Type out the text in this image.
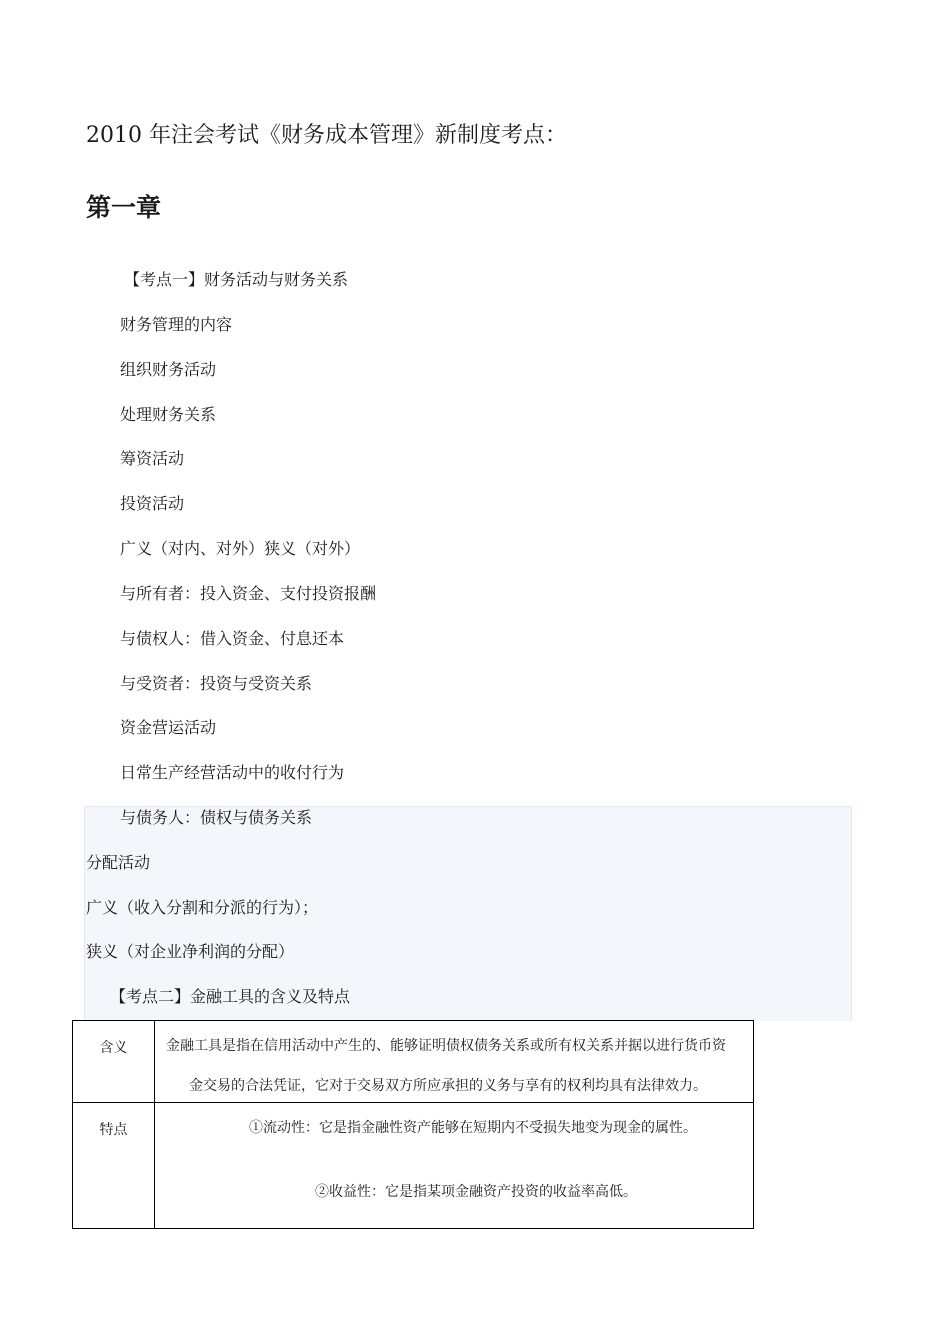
2010 年注会考试《财务成本管理》新制度考点：
第一章
【考点一】财务活动与财务关系
财务管理的内容
组织财务活动
处理财务关系
筹资活动
投资活动
广义（对内、对外）狭义（对外）
与所有者：投入资金、支付投资报酬
与债权人：借入资金、付息还本
与受资者：投资与受资关系
资金营运活动
日常生产经营活动中的收付行为
与债务人：债权与债务关系
分配活动
广义（收入分割和分派的行为）；
狭义（对企业净利润的分配）
【考点二】金融工具的含义及特点
含义	金融工具是指在信用活动中产生的、能够证明债权债务关系或所有权关系并据以进行货币资
金交易的合法凭证，它对于交易双方所应承担的义务与享有的权利均具有法律效力。

特点	①流动性：它是指金融性资产能够在短期内不受损失地变为现金的属性。
②收益性：它是指某项金融资产投资的收益率高低。
